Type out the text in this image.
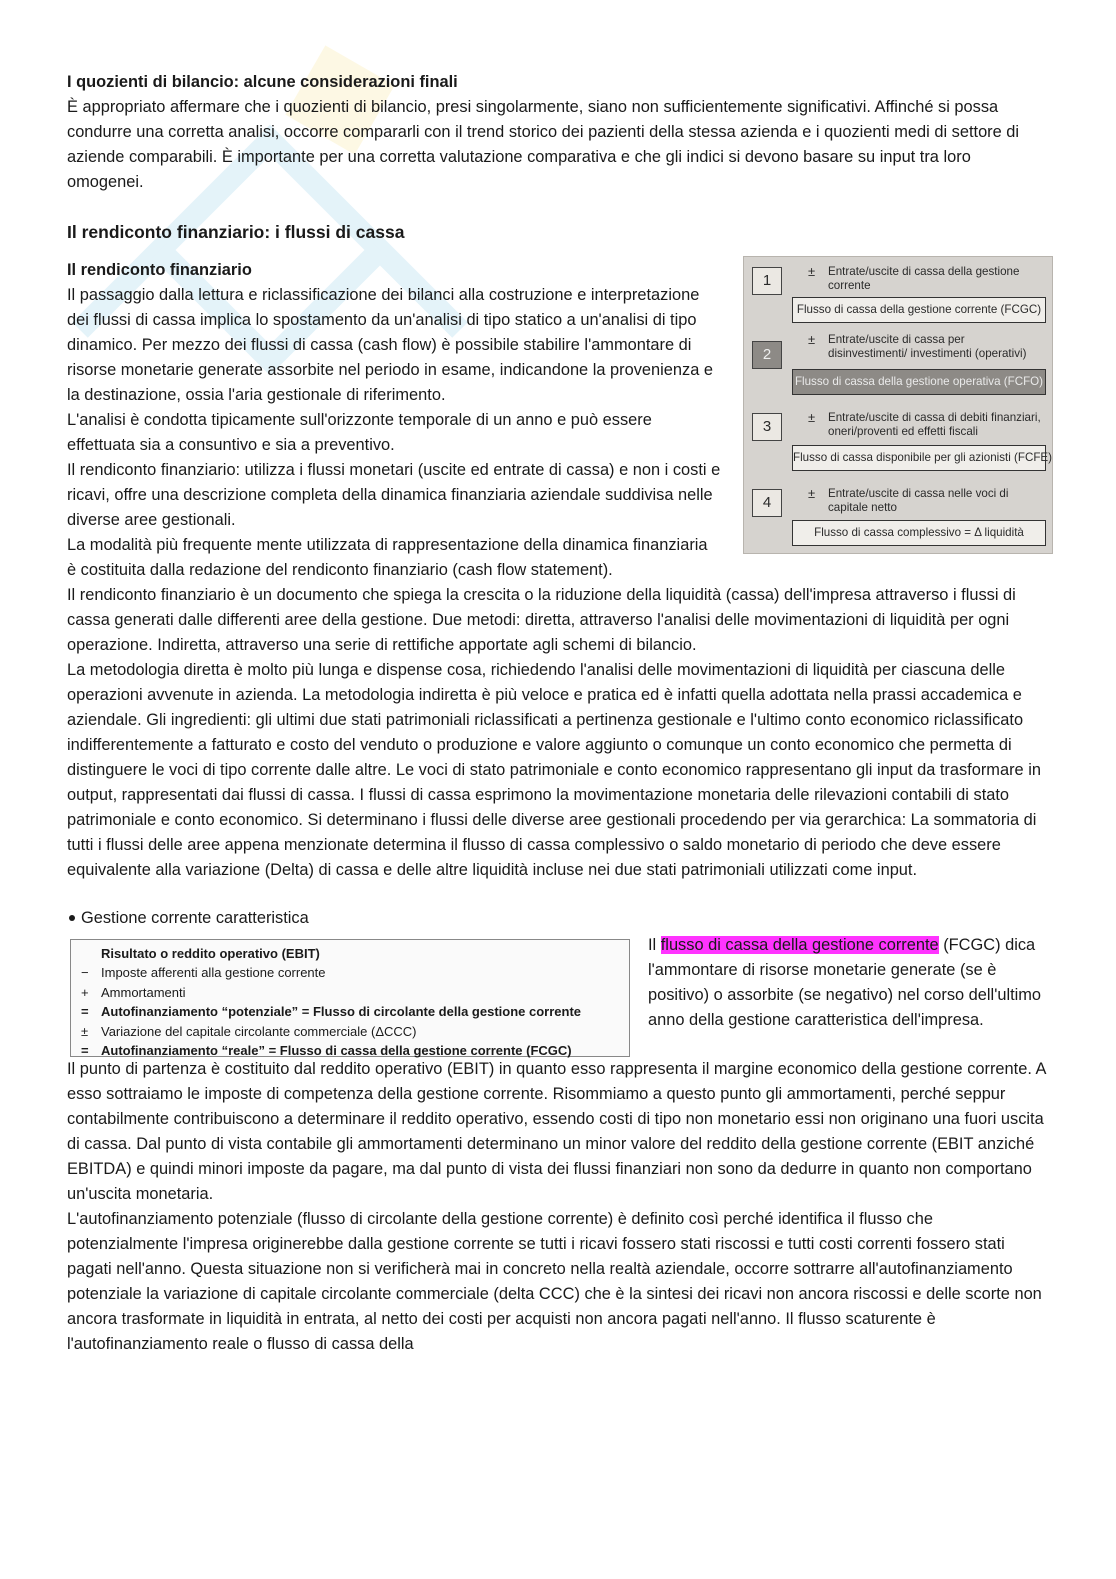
I quozienti di bilancio: alcune considerazioni finali

È appropriato affermare che i quozienti di bilancio, presi singolarmente, siano non sufficientemente significativi. Affinché si possa condurre una corretta analisi, occorre compararli con il trend storico dei pazienti della stessa azienda e i quozienti medi di settore di aziende comparabili. È importante per una corretta valutazione comparativa e che gli indici si devono basare su input tra loro omogenei.

Il rendiconto finanziario: i flussi di cassa

1
± Entrate/uscite di cassa della gestione corrente
Flusso di cassa della gestione corrente (FCGC)
2
± Entrate/uscite di cassa per disinvestimenti/ investimenti (operativi)
Flusso di cassa della gestione operativa (FCFO)
3
± Entrate/uscite di cassa di debiti finanziari, oneri/proventi ed effetti fiscali
Flusso di cassa disponibile per gli azionisti (FCFE)
4
± Entrate/uscite di cassa nelle voci di capitale netto
Flusso di cassa complessivo = Δ liquidità

Il rendiconto finanziario

Il passaggio dalla lettura e riclassificazione dei bilanci alla costruzione e interpretazione dei flussi di cassa implica lo spostamento da un'analisi di tipo statico a un'analisi di tipo dinamico. Per mezzo dei flussi di cassa (cash flow) è possibile stabilire l'ammontare di risorse monetarie generate assorbite nel periodo in esame, indicandone la provenienza e la destinazione, ossia l'aria gestionale di riferimento.

L'analisi è condotta tipicamente sull'orizzonte temporale di un anno e può essere effettuata sia a consuntivo e sia a preventivo.

Il rendiconto finanziario: utilizza i flussi monetari (uscite ed entrate di cassa) e non i costi e ricavi, offre una descrizione completa della dinamica finanziaria aziendale suddivisa nelle diverse aree gestionali.

La modalità più frequente mente utilizzata di rappresentazione della dinamica finanziaria è costituita dalla redazione del rendiconto finanziario (cash flow statement).

Il rendiconto finanziario è un documento che spiega la crescita o la riduzione della liquidità (cassa) dell'impresa attraverso i flussi di cassa generati dalle differenti aree della gestione. Due metodi: diretta, attraverso l'analisi delle movimentazioni di liquidità per ogni operazione. Indiretta, attraverso una serie di rettifiche apportate agli schemi di bilancio.

La metodologia diretta è molto più lunga e dispense cosa, richiedendo l'analisi delle movimentazioni di liquidità per ciascuna delle operazioni avvenute in azienda. La metodologia indiretta è più veloce e pratica ed è infatti quella adottata nella prassi accademica e aziendale. Gli ingredienti: gli ultimi due stati patrimoniali riclassificati a pertinenza gestionale e l'ultimo conto economico riclassificato indifferentemente a fatturato e costo del venduto o produzione e valore aggiunto o comunque un conto economico che permetta di distinguere le voci di tipo corrente dalle altre. Le voci di stato patrimoniale e conto economico rappresentano gli input da trasformare in output, rappresentati dai flussi di cassa. I flussi di cassa esprimono la movimentazione monetaria delle rilevazioni contabili di stato patrimoniale e conto economico. Si determinano i flussi delle diverse aree gestionali procedendo per via gerarchica: La sommatoria di tutti i flussi delle aree appena menzionate determina il flusso di cassa complessivo o saldo monetario di periodo che deve essere equivalente alla variazione (Delta) di cassa e delle altre liquidità incluse nei due stati patrimoniali utilizzati come input.

Gestione corrente caratteristica

Risultato o reddito operativo (EBIT)
− Imposte afferenti alla gestione corrente
+ Ammortamenti
= Autofinanziamento “potenziale” = Flusso di circolante della gestione corrente
± Variazione del capitale circolante commerciale (ΔCCC)
= Autofinanziamento “reale” = Flusso di cassa della gestione corrente (FCGC)

Il flusso di cassa della gestione corrente (FCGC) dica l'ammontare di risorse monetarie generate (se è positivo) o assorbite (se negativo) nel corso dell'ultimo anno della gestione caratteristica dell'impresa.

Il punto di partenza è costituito dal reddito operativo (EBIT) in quanto esso rappresenta il margine economico della gestione corrente. A esso sottraiamo le imposte di competenza della gestione corrente. Risommiamo a questo punto gli ammortamenti, perché seppur contabilmente contribuiscono a determinare il reddito operativo, essendo costi di tipo non monetario essi non originano una fuori uscita di cassa. Dal punto di vista contabile gli ammortamenti determinano un minor valore del reddito della gestione corrente (EBIT anziché EBITDA) e quindi minori imposte da pagare, ma dal punto di vista dei flussi finanziari non sono da dedurre in quanto non comportano un'uscita monetaria.

L'autofinanziamento potenziale (flusso di circolante della gestione corrente) è definito così perché identifica il flusso che potenzialmente l'impresa originerebbe dalla gestione corrente se tutti i ricavi fossero stati riscossi e tutti costi correnti fossero stati pagati nell'anno. Questa situazione non si verificherà mai in concreto nella realtà aziendale, occorre sottrarre all'autofinanziamento potenziale la variazione di capitale circolante commerciale (delta CCC) che è la sintesi dei ricavi non ancora riscossi e delle scorte non ancora trasformate in liquidità in entrata, al netto dei costi per acquisti non ancora pagati nell'anno. Il flusso scaturente è l'autofinanziamento reale o flusso di cassa della
